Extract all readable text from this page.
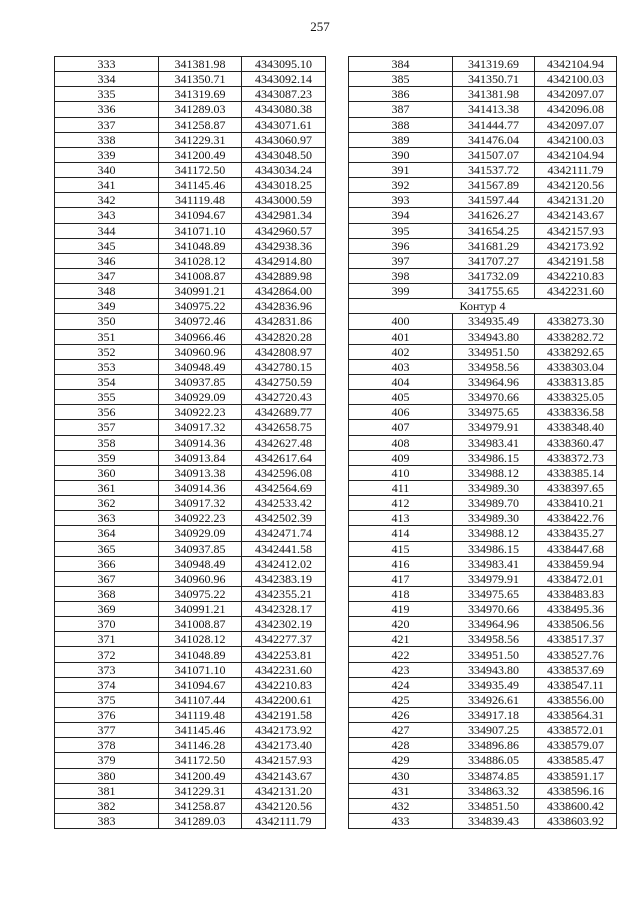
257
333	341381.98	4343095.10
334	341350.71	4343092.14
335	341319.69	4343087.23
336	341289.03	4343080.38
337	341258.87	4343071.61
338	341229.31	4343060.97
339	341200.49	4343048.50
340	341172.50	4343034.24
341	341145.46	4343018.25
342	341119.48	4343000.59
343	341094.67	4342981.34
344	341071.10	4342960.57
345	341048.89	4342938.36
346	341028.12	4342914.80
347	341008.87	4342889.98
348	340991.21	4342864.00
349	340975.22	4342836.96
350	340972.46	4342831.86
351	340966.46	4342820.28
352	340960.96	4342808.97
353	340948.49	4342780.15
354	340937.85	4342750.59
355	340929.09	4342720.43
356	340922.23	4342689.77
357	340917.32	4342658.75
358	340914.36	4342627.48
359	340913.84	4342617.64
360	340913.38	4342596.08
361	340914.36	4342564.69
362	340917.32	4342533.42
363	340922.23	4342502.39
364	340929.09	4342471.74
365	340937.85	4342441.58
366	340948.49	4342412.02
367	340960.96	4342383.19
368	340975.22	4342355.21
369	340991.21	4342328.17
370	341008.87	4342302.19
371	341028.12	4342277.37
372	341048.89	4342253.81
373	341071.10	4342231.60
374	341094.67	4342210.83
375	341107.44	4342200.61
376	341119.48	4342191.58
377	341145.46	4342173.92
378	341146.28	4342173.40
379	341172.50	4342157.93
380	341200.49	4342143.67
381	341229.31	4342131.20
382	341258.87	4342120.56
383	341289.03	4342111.79
384	341319.69	4342104.94
385	341350.71	4342100.03
386	341381.98	4342097.07
387	341413.38	4342096.08
388	341444.77	4342097.07
389	341476.04	4342100.03
390	341507.07	4342104.94
391	341537.72	4342111.79
392	341567.89	4342120.56
393	341597.44	4342131.20
394	341626.27	4342143.67
395	341654.25	4342157.93
396	341681.29	4342173.92
397	341707.27	4342191.58
398	341732.09	4342210.83
399	341755.65	4342231.60
Контур 4		
400	334935.49	4338273.30
401	334943.80	4338282.72
402	334951.50	4338292.65
403	334958.56	4338303.04
404	334964.96	4338313.85
405	334970.66	4338325.05
406	334975.65	4338336.58
407	334979.91	4338348.40
408	334983.41	4338360.47
409	334986.15	4338372.73
410	334988.12	4338385.14
411	334989.30	4338397.65
412	334989.70	4338410.21
413	334989.30	4338422.76
414	334988.12	4338435.27
415	334986.15	4338447.68
416	334983.41	4338459.94
417	334979.91	4338472.01
418	334975.65	4338483.83
419	334970.66	4338495.36
420	334964.96	4338506.56
421	334958.56	4338517.37
422	334951.50	4338527.76
423	334943.80	4338537.69
424	334935.49	4338547.11
425	334926.61	4338556.00
426	334917.18	4338564.31
427	334907.25	4338572.01
428	334896.86	4338579.07
429	334886.05	4338585.47
430	334874.85	4338591.17
431	334863.32	4338596.16
432	334851.50	4338600.42
433	334839.43	4338603.92
